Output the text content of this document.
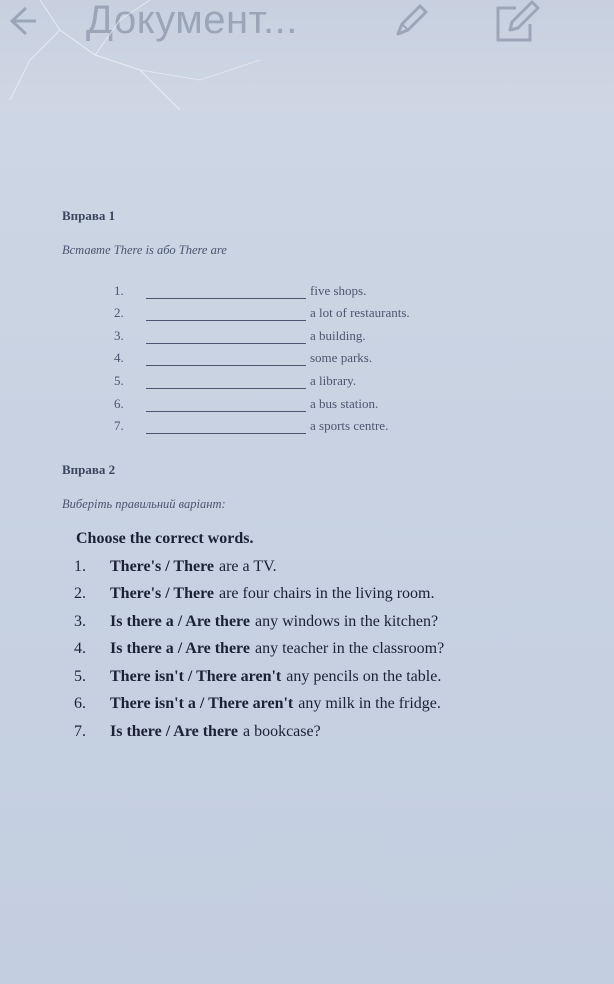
Документ...
Вправа 1
Вставте There is або There are
1.	five shops.
2.	a lot of restaurants.
3.	a building.
4.	some parks.
5.	a library.
6.	a bus station.
7.	a sports centre.
Вправа 2
Виберіть правильний варіант:
Choose the correct words.
1.	There's / There are a TV.
2.	There's / There are four chairs in the living room.
3.	Is there a / Are there any windows in the kitchen?
4.	Is there a / Are there any teacher in the classroom?
5.	There isn't / There aren't any pencils on the table.
6.	There isn't a / There aren't any milk in the fridge.
7.	Is there / Are there a bookcase?
